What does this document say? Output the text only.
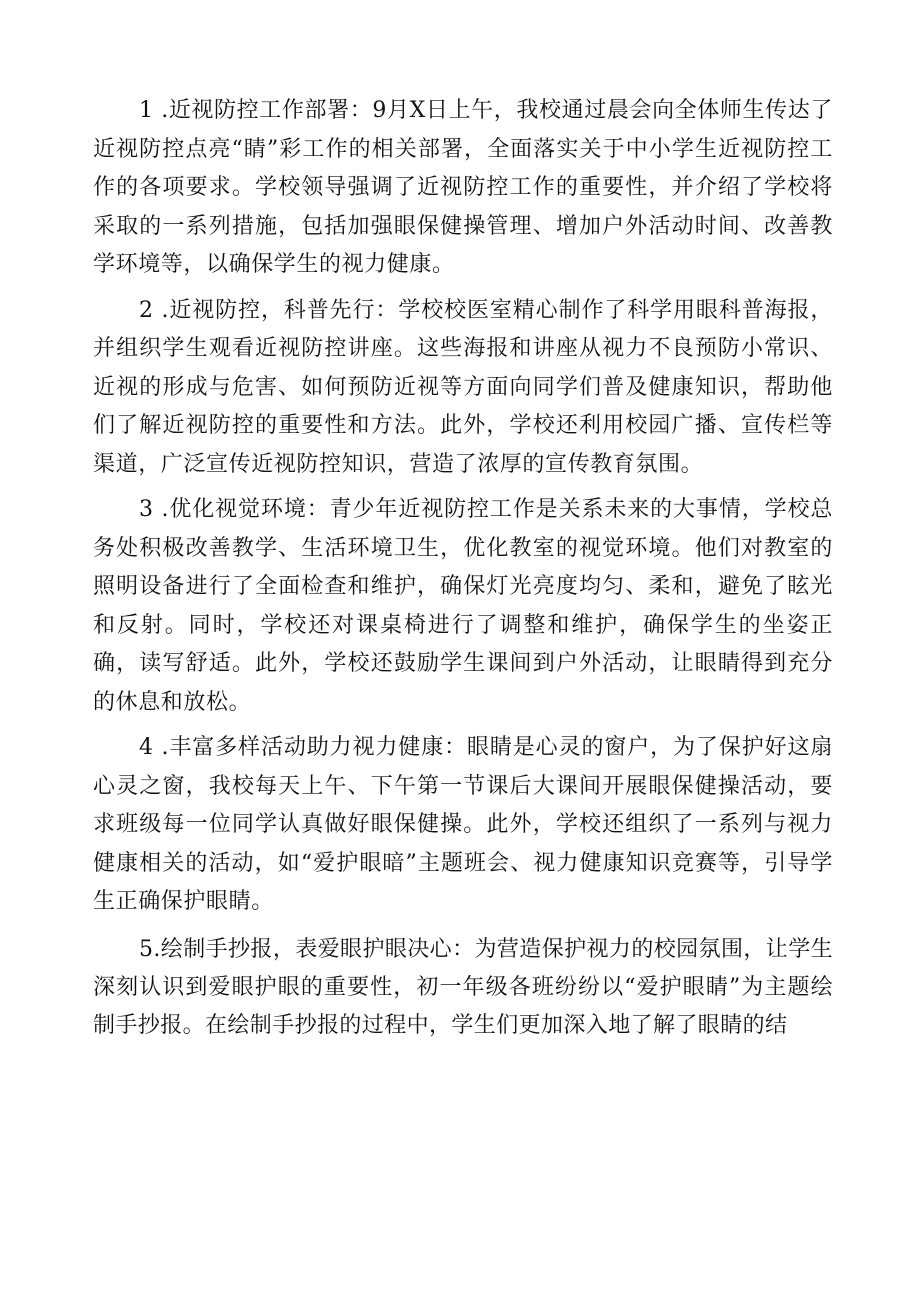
1 .近视防控工作部署：9月X日上午，我校通过晨会向全体师生传达了近视防控点亮“睛”彩工作的相关部署，全面落实关于中小学生近视防控工作的各项要求。学校领导强调了近视防控工作的重要性，并介绍了学校将采取的一系列措施，包括加强眼保健操管理、增加户外活动时间、改善教学环境等，以确保学生的视力健康。

2 .近视防控，科普先行：学校校医室精心制作了科学用眼科普海报，并组织学生观看近视防控讲座。这些海报和讲座从视力不良预防小常识、近视的形成与危害、如何预防近视等方面向同学们普及健康知识，帮助他们了解近视防控的重要性和方法。此外，学校还利用校园广播、宣传栏等渠道，广泛宣传近视防控知识，营造了浓厚的宣传教育氛围。

3 .优化视觉环境：青少年近视防控工作是关系未来的大事情，学校总务处积极改善教学、生活环境卫生，优化教室的视觉环境。他们对教室的照明设备进行了全面检查和维护，确保灯光亮度均匀、柔和，避免了眩光和反射。同时，学校还对课桌椅进行了调整和维护，确保学生的坐姿正确，读写舒适。此外，学校还鼓励学生课间到户外活动，让眼睛得到充分的休息和放松。

4 .丰富多样活动助力视力健康：眼睛是心灵的窗户，为了保护好这扇心灵之窗，我校每天上午、下午第一节课后大课间开展眼保健操活动，要求班级每一位同学认真做好眼保健操。此外，学校还组织了一系列与视力健康相关的活动，如“爱护眼暗”主题班会、视力健康知识竞赛等，引导学生正确保护眼睛。

5.绘制手抄报，表爱眼护眼决心：为营造保护视力的校园氛围，让学生深刻认识到爱眼护眼的重要性，初一年级各班纷纷以“爱护眼睛”为主题绘制手抄报。在绘制手抄报的过程中，学生们更加深入地了解了眼睛的结
